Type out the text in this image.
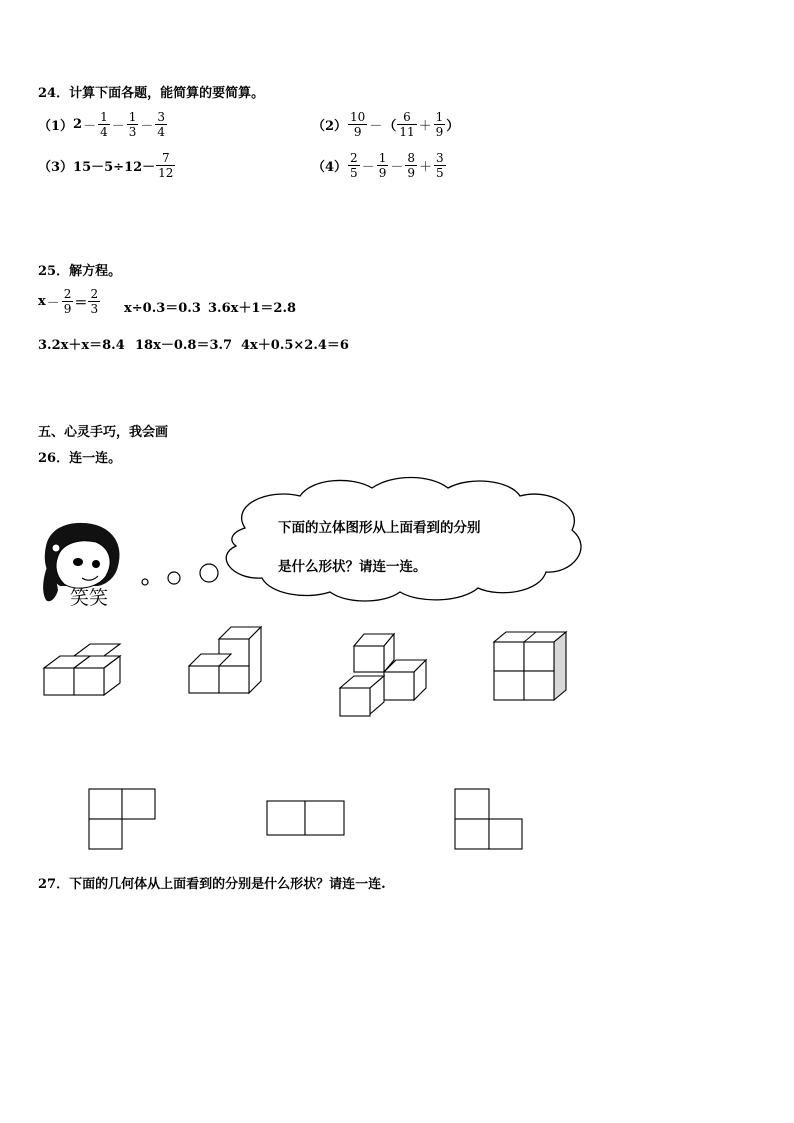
24．计算下面各题，能简算的要简算。
（1） $2 - \frac{1}{4} - \frac{1}{3} - \frac{3}{4}$	$(2) \frac{10}{9}$ － （ $\frac{6}{11} + \frac{1}{9}$ ）
（3） $15-5\div 12- \frac{7}{12}$	$(4) \frac{2}{5} - \frac{1}{9} - \frac{8}{9} + \frac{3}{5}$
25．解方程。
$x - \frac{2}{9} = \frac{2}{3} x\div 0.3=0.3$ 3.6x＋1＝2.8
3.2x＋x＝8.4 18x－0.8＝3.7 4x＋0.5×2.4＝6
五、心灵手巧，我会画
26．连一连。
笑笑
下面的立体图形从上面看到的分别
是什么形状？请连一连。
27．下面的几何体从上面看到的分别是什么形状？请连一连.
